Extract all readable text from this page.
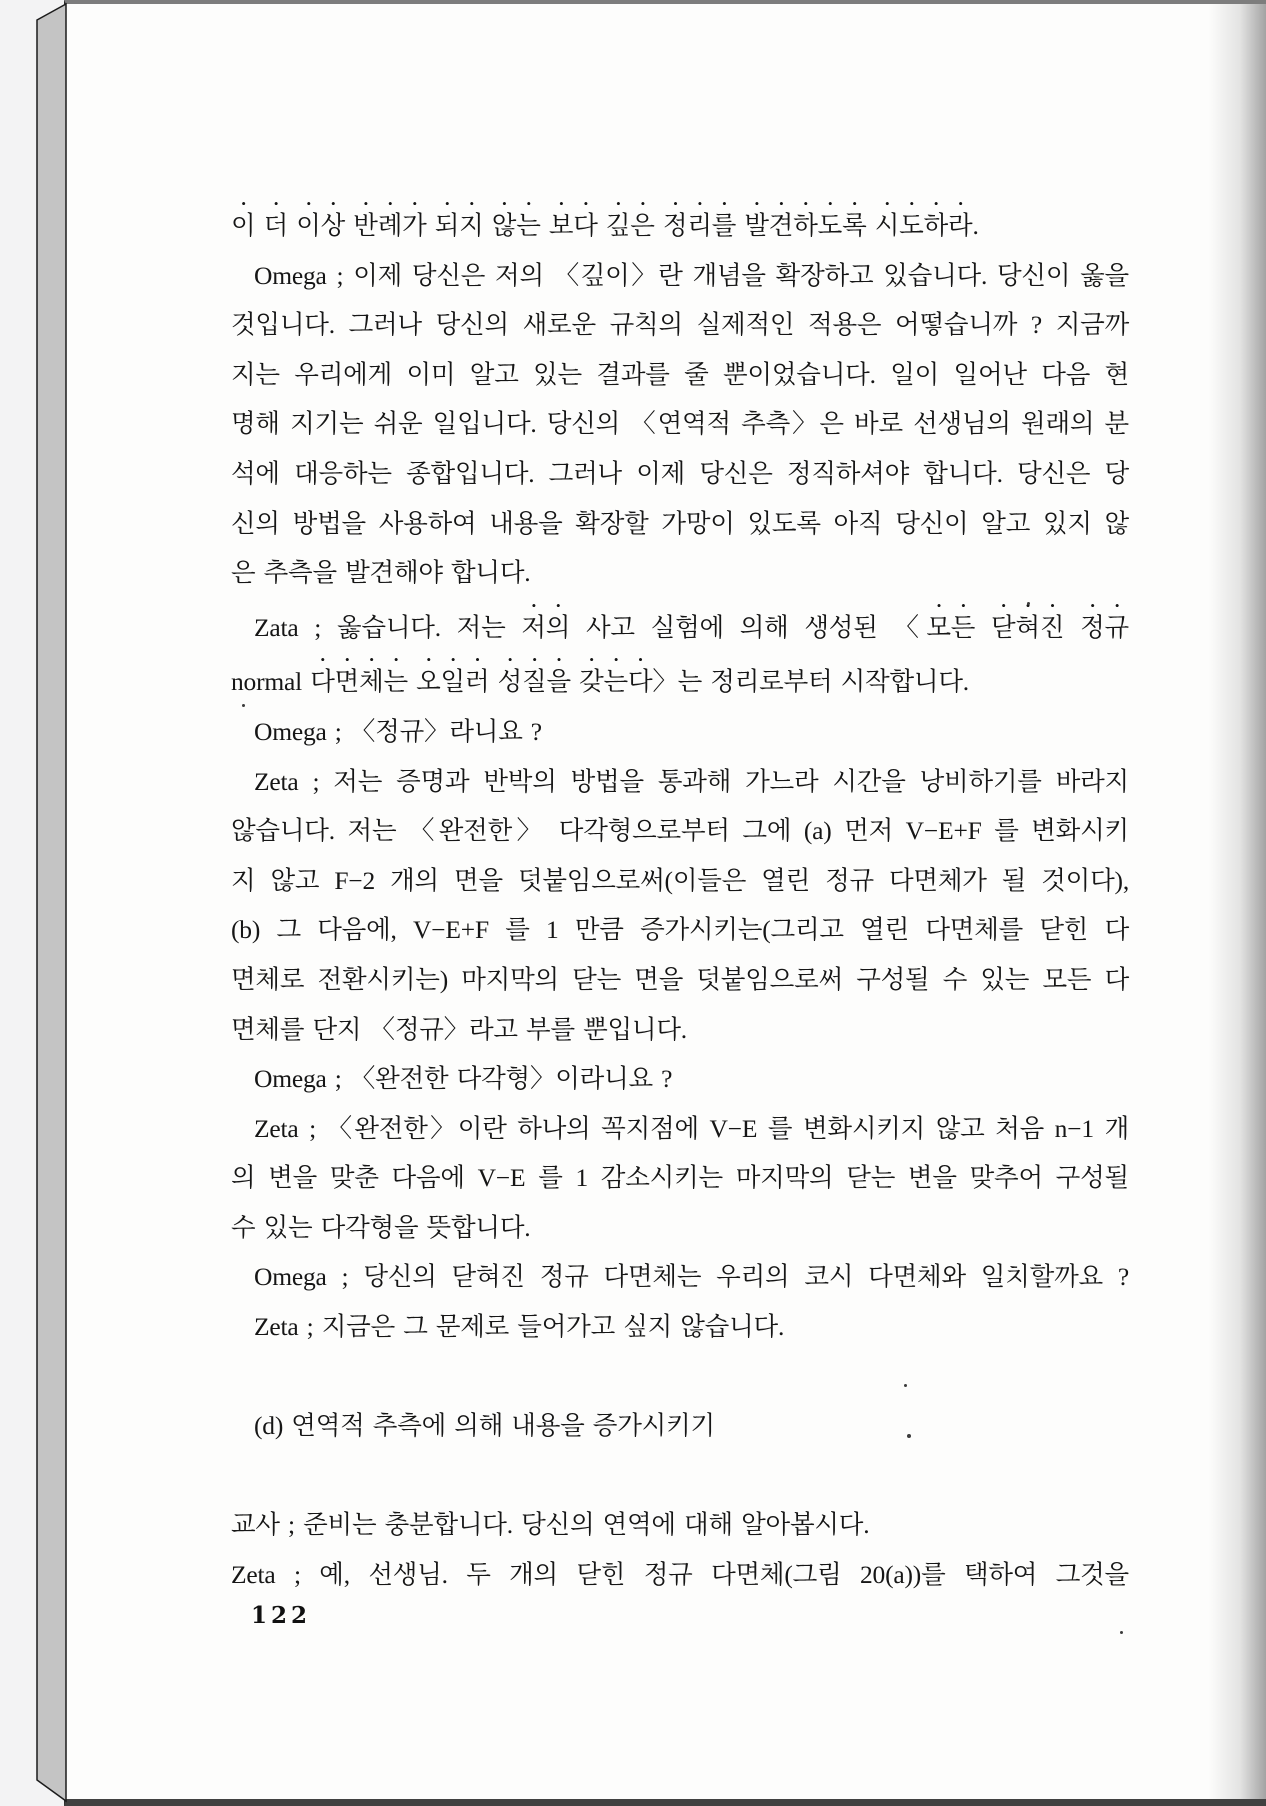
이 더 이상 반례가 되지 않는 보다 깊은 정리를 발견하도록 시도하라.
Omega ; 이제 당신은 저의 〈깊이〉란 개념을 확장하고 있습니다. 당신이 옳을
것입니다. 그러나 당신의 새로운 규칙의 실제적인 적용은 어떻습니까 ? 지금까
지는 우리에게 이미 알고 있는 결과를 줄 뿐이었습니다. 일이 일어난 다음 현
명해 지기는 쉬운 일입니다. 당신의 〈연역적 추측〉은 바로 선생님의 원래의 분
석에 대응하는 종합입니다. 그러나 이제 당신은 정직하셔야 합니다. 당신은 당
신의 방법을 사용하여 내용을 확장할 가망이 있도록 아직 당신이 알고 있지 않
은 추측을 발견해야 합니다.
Zata ; 옳습니다. 저는 저의 사고 실험에 의해 생성된 〈모든 닫혀진 정규
normal 다면체는 오일러 성질을 갖는다〉는 정리로부터 시작합니다.
Omega ; 〈정규〉라니요 ?
Zeta ; 저는 증명과 반박의 방법을 통과해 가느라 시간을 낭비하기를 바라지
않습니다. 저는 〈완전한〉 다각형으로부터 그에 (a) 먼저 V−E+F 를 변화시키
지 않고 F−2 개의 면을 덧붙임으로써(이들은 열린 정규 다면체가 될 것이다),
(b) 그 다음에, V−E+F 를 1 만큼 증가시키는(그리고 열린 다면체를 닫힌 다
면체로 전환시키는) 마지막의 닫는 면을 덧붙임으로써 구성될 수 있는 모든 다
면체를 단지 〈정규〉라고 부를 뿐입니다.
Omega ; 〈완전한 다각형〉이라니요 ?
Zeta ; 〈완전한〉이란 하나의 꼭지점에 V−E 를 변화시키지 않고 처음 n−1 개
의 변을 맞춘 다음에 V−E 를 1 감소시키는 마지막의 닫는 변을 맞추어 구성될
수 있는 다각형을 뜻합니다.
Omega ; 당신의 닫혀진 정규 다면체는 우리의 코시 다면체와 일치할까요 ?
Zeta ; 지금은 그 문제로 들어가고 싶지 않습니다.
(d) 연역적 추측에 의해 내용을 증가시키기
교사 ; 준비는 충분합니다. 당신의 연역에 대해 알아봅시다.
Zeta ; 예, 선생님. 두 개의 닫힌 정규 다면체(그림 20(a))를 택하여 그것을
122
